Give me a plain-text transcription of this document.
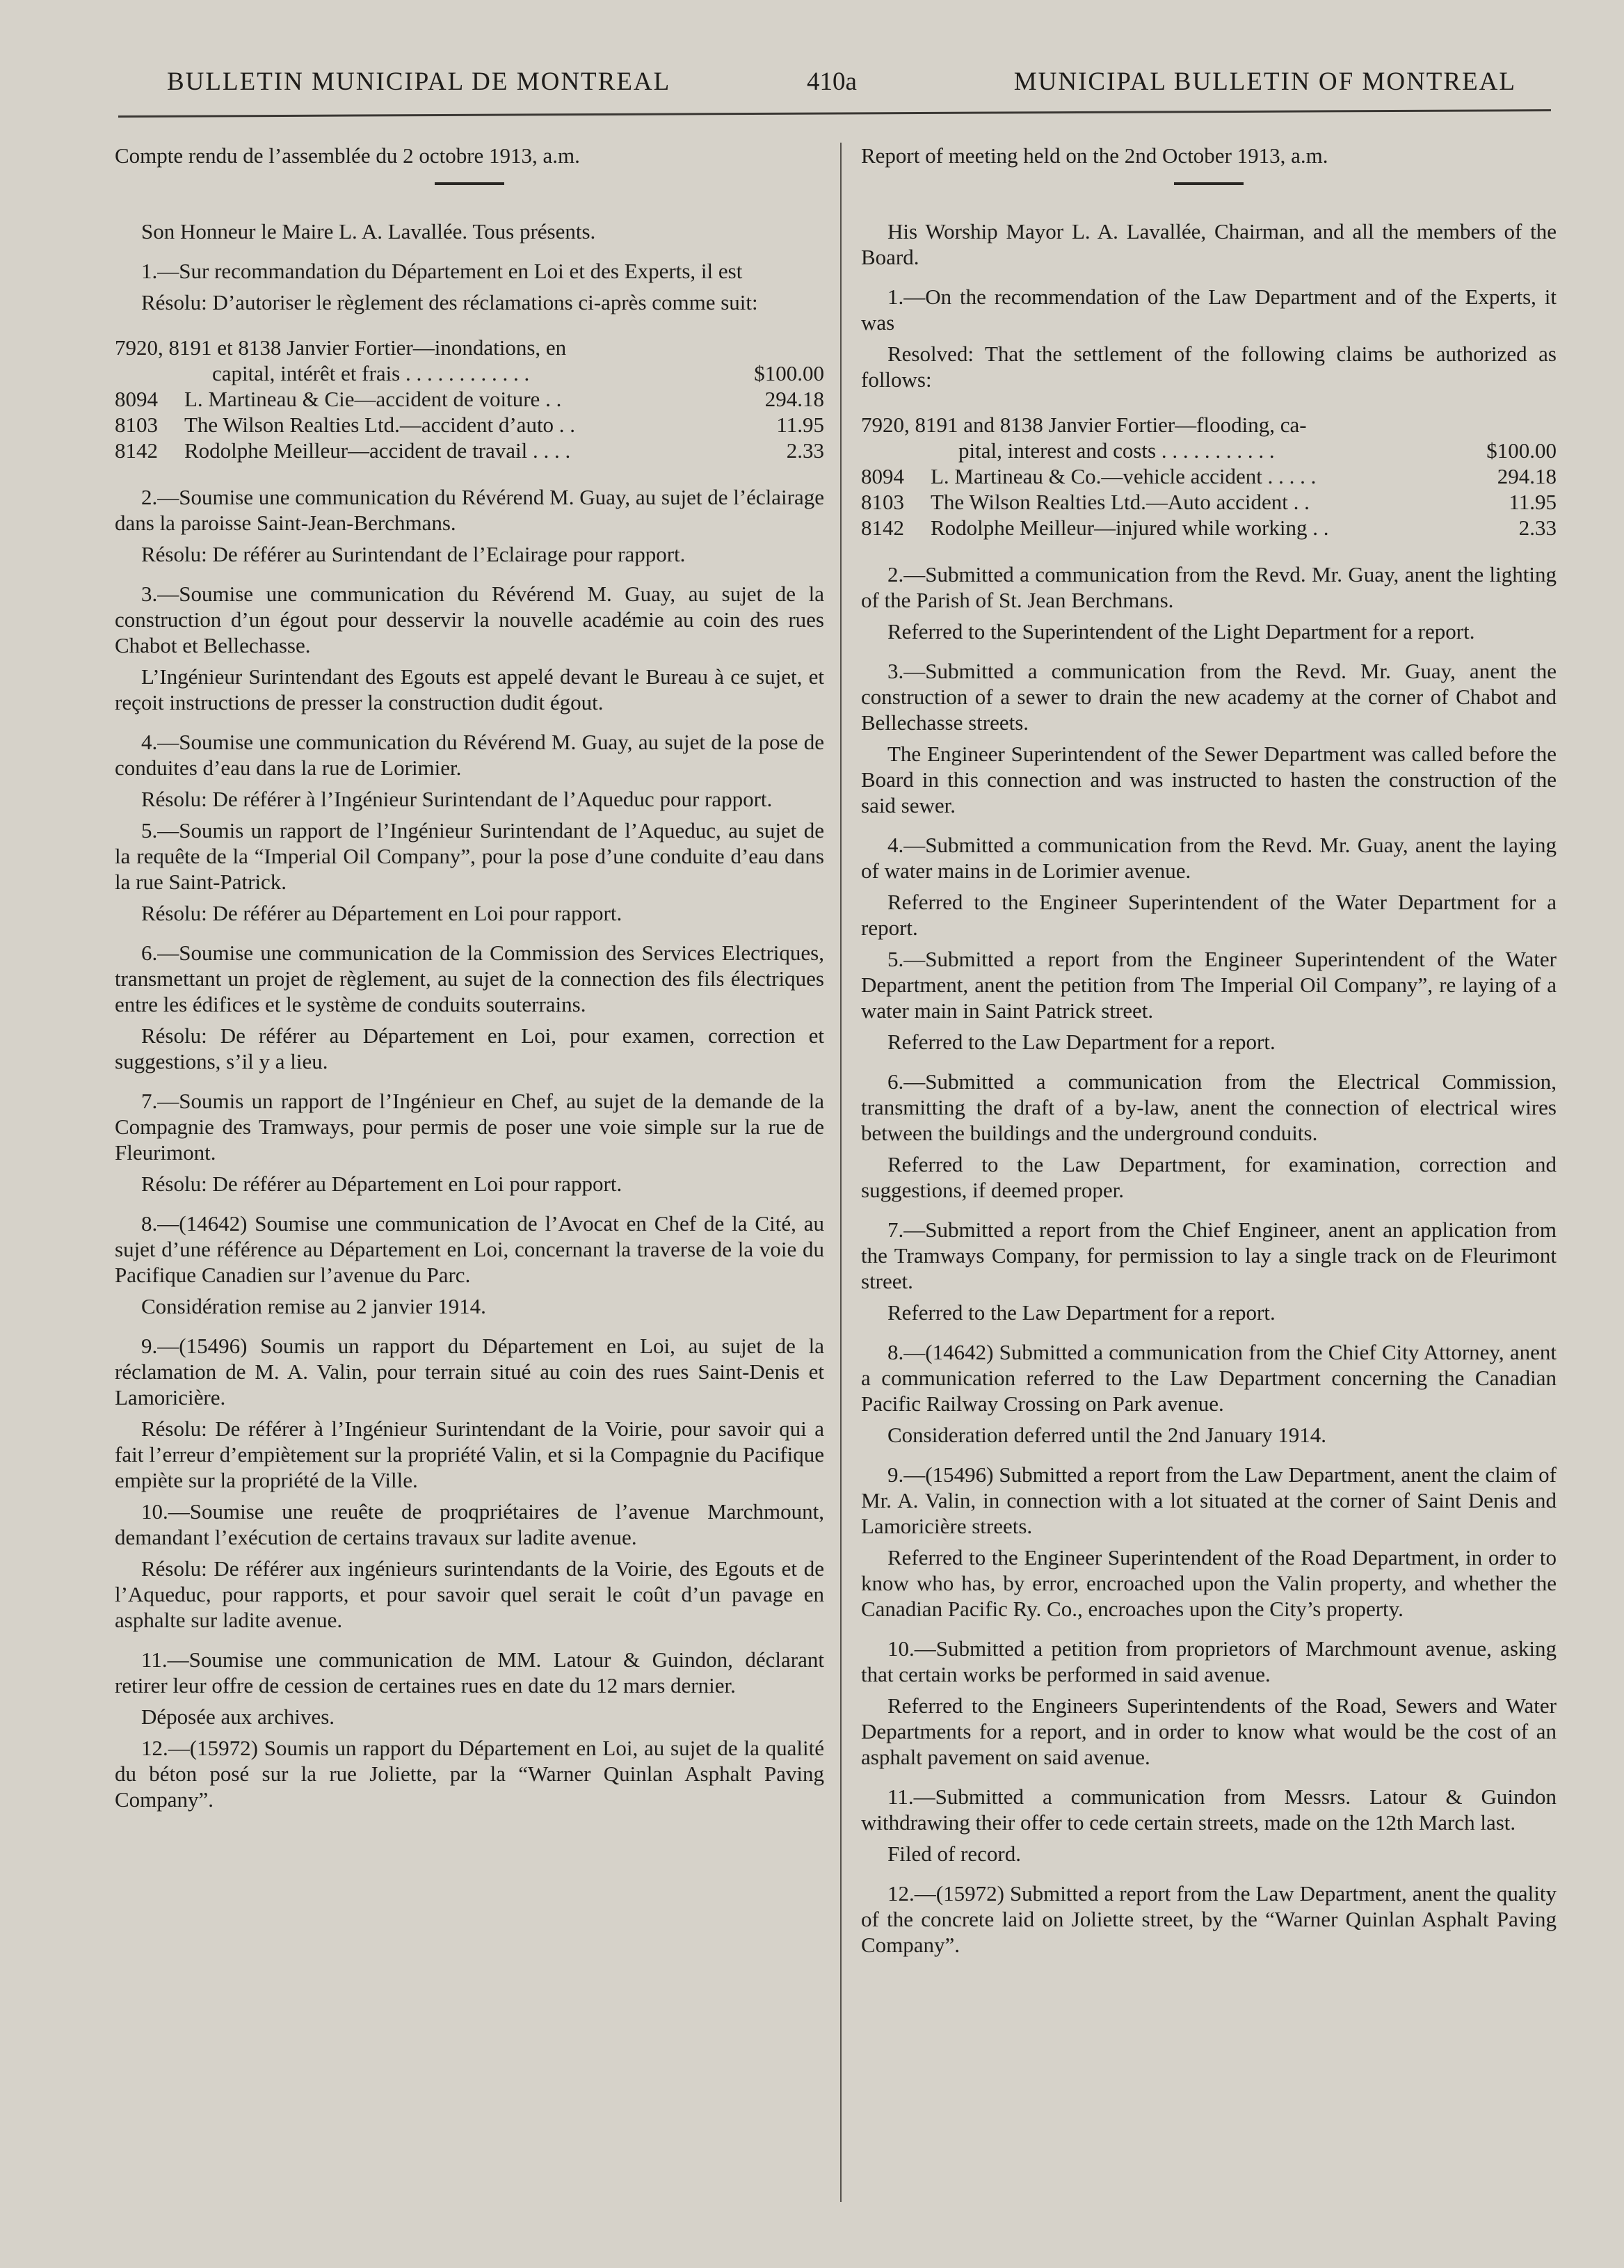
BULLETIN MUNICIPAL DE MONTREAL	410a	MUNICIPAL BULLETIN OF MONTREAL

Compte rendu de l’assemblée du 2 octobre 1913, a.m.

Son Honneur le Maire L. A. Lavallée. Tous présents.

1.—Sur recommandation du Département en Loi et des Experts, il est

Résolu: D’autoriser le règlement des réclamations ci-après comme suit:

7920, 8191 et 8138 Janvier Fortier—inondations, en
capital, intérêt et frais . . . . . . . . . . . .	$100.00
8094	L. Martineau & Cie—accident de voiture . .	294.18
8103	The Wilson Realties Ltd.—accident d’auto . .	11.95
8142	Rodolphe Meilleur—accident de travail . . . .	2.33

2.—Soumise une communication du Révérend M. Guay, au sujet de l’éclairage dans la paroisse Saint-Jean-Berchmans.

Résolu: De référer au Surintendant de l’Eclairage pour rapport.

3.—Soumise une communication du Révérend M. Guay, au sujet de la construction d’un égout pour desservir la nouvelle académie au coin des rues Chabot et Bellechasse.

L’Ingénieur Surintendant des Egouts est appelé devant le Bureau à ce sujet, et reçoit instructions de presser la construction dudit égout.

4.—Soumise une communication du Révérend M. Guay, au sujet de la pose de conduites d’eau dans la rue de Lorimier.

Résolu: De référer à l’Ingénieur Surintendant de l’Aqueduc pour rapport.

5.—Soumis un rapport de l’Ingénieur Surintendant de l’Aqueduc, au sujet de la requête de la “Imperial Oil Company”, pour la pose d’une conduite d’eau dans la rue Saint-Patrick.

Résolu: De référer au Département en Loi pour rapport.

6.—Soumise une communication de la Commission des Services Electriques, transmettant un projet de règlement, au sujet de la connection des fils électriques entre les édifices et le système de conduits souterrains.

Résolu: De référer au Département en Loi, pour examen, correction et suggestions, s’il y a lieu.

7.—Soumis un rapport de l’Ingénieur en Chef, au sujet de la demande de la Compagnie des Tramways, pour permis de poser une voie simple sur la rue de Fleurimont.

Résolu: De référer au Département en Loi pour rapport.

8.—(14642) Soumise une communication de l’Avocat en Chef de la Cité, au sujet d’une référence au Département en Loi, concernant la traverse de la voie du Pacifique Canadien sur l’avenue du Parc.

Considération remise au 2 janvier 1914.

9.—(15496) Soumis un rapport du Département en Loi, au sujet de la réclamation de M. A. Valin, pour terrain situé au coin des rues Saint-Denis et Lamoricière.

Résolu: De référer à l’Ingénieur Surintendant de la Voirie, pour savoir qui a fait l’erreur d’empiètement sur la propriété Valin, et si la Compagnie du Pacifique empiète sur la propriété de la Ville.

10.—Soumise une reuête de proqpriétaires de l’avenue Marchmount, demandant l’exécution de certains travaux sur ladite avenue.

Résolu: De référer aux ingénieurs surintendants de la Voirie, des Egouts et de l’Aqueduc, pour rapports, et pour savoir quel serait le coût d’un pavage en asphalte sur ladite avenue.

11.—Soumise une communication de MM. Latour & Guindon, déclarant retirer leur offre de cession de certaines rues en date du 12 mars dernier.

Déposée aux archives.

12.—(15972) Soumis un rapport du Département en Loi, au sujet de la qualité du béton posé sur la rue Joliette, par la “Warner Quinlan Asphalt Paving Company”.

Report of meeting held on the 2nd October 1913, a.m.

His Worship Mayor L. A. Lavallée, Chairman, and all the members of the Board.

1.—On the recommendation of the Law Department and of the Experts, it was

Resolved: That the settlement of the following claims be authorized as follows:

7920, 8191 and 8138 Janvier Fortier—flooding, ca-
pital, interest and costs . . . . . . . . . . .	$100.00
8094	L. Martineau & Co.—vehicle accident . . . . .	294.18
8103	The Wilson Realties Ltd.—Auto accident . .	11.95
8142	Rodolphe Meilleur—injured while working . .	2.33

2.—Submitted a communication from the Revd. Mr. Guay, anent the lighting of the Parish of St. Jean Berchmans.

Referred to the Superintendent of the Light Department for a report.

3.—Submitted a communication from the Revd. Mr. Guay, anent the construction of a sewer to drain the new academy at the corner of Chabot and Bellechasse streets.

The Engineer Superintendent of the Sewer Department was called before the Board in this connection and was instructed to hasten the construction of the said sewer.

4.—Submitted a communication from the Revd. Mr. Guay, anent the laying of water mains in de Lorimier avenue.

Referred to the Engineer Superintendent of the Water Department for a report.

5.—Submitted a report from the Engineer Superintendent of the Water Department, anent the petition from The Imperial Oil Company”, re laying of a water main in Saint Patrick street.

Referred to the Law Department for a report.

6.—Submitted a communication from the Electrical Commission, transmitting the draft of a by-law, anent the connection of electrical wires between the buildings and the underground conduits.

Referred to the Law Department, for examination, correction and suggestions, if deemed proper.

7.—Submitted a report from the Chief Engineer, anent an application from the Tramways Company, for permission to lay a single track on de Fleurimont street.

Referred to the Law Department for a report.

8.—(14642) Submitted a communication from the Chief City Attorney, anent a communication referred to the Law Department concerning the Canadian Pacific Railway Crossing on Park avenue.

Consideration deferred until the 2nd January 1914.

9.—(15496) Submitted a report from the Law Department, anent the claim of Mr. A. Valin, in connection with a lot situated at the corner of Saint Denis and Lamoricière streets.

Referred to the Engineer Superintendent of the Road Department, in order to know who has, by error, encroached upon the Valin property, and whether the Canadian Pacific Ry. Co., encroaches upon the City’s property.

10.—Submitted a petition from proprietors of Marchmount avenue, asking that certain works be performed in said avenue.

Referred to the Engineers Superintendents of the Road, Sewers and Water Departments for a report, and in order to know what would be the cost of an asphalt pavement on said avenue.

11.—Submitted a communication from Messrs. Latour & Guindon withdrawing their offer to cede certain streets, made on the 12th March last.

Filed of record.

12.—(15972) Submitted a report from the Law Department, anent the quality of the concrete laid on Joliette street, by the “Warner Quinlan Asphalt Paving Company”.
